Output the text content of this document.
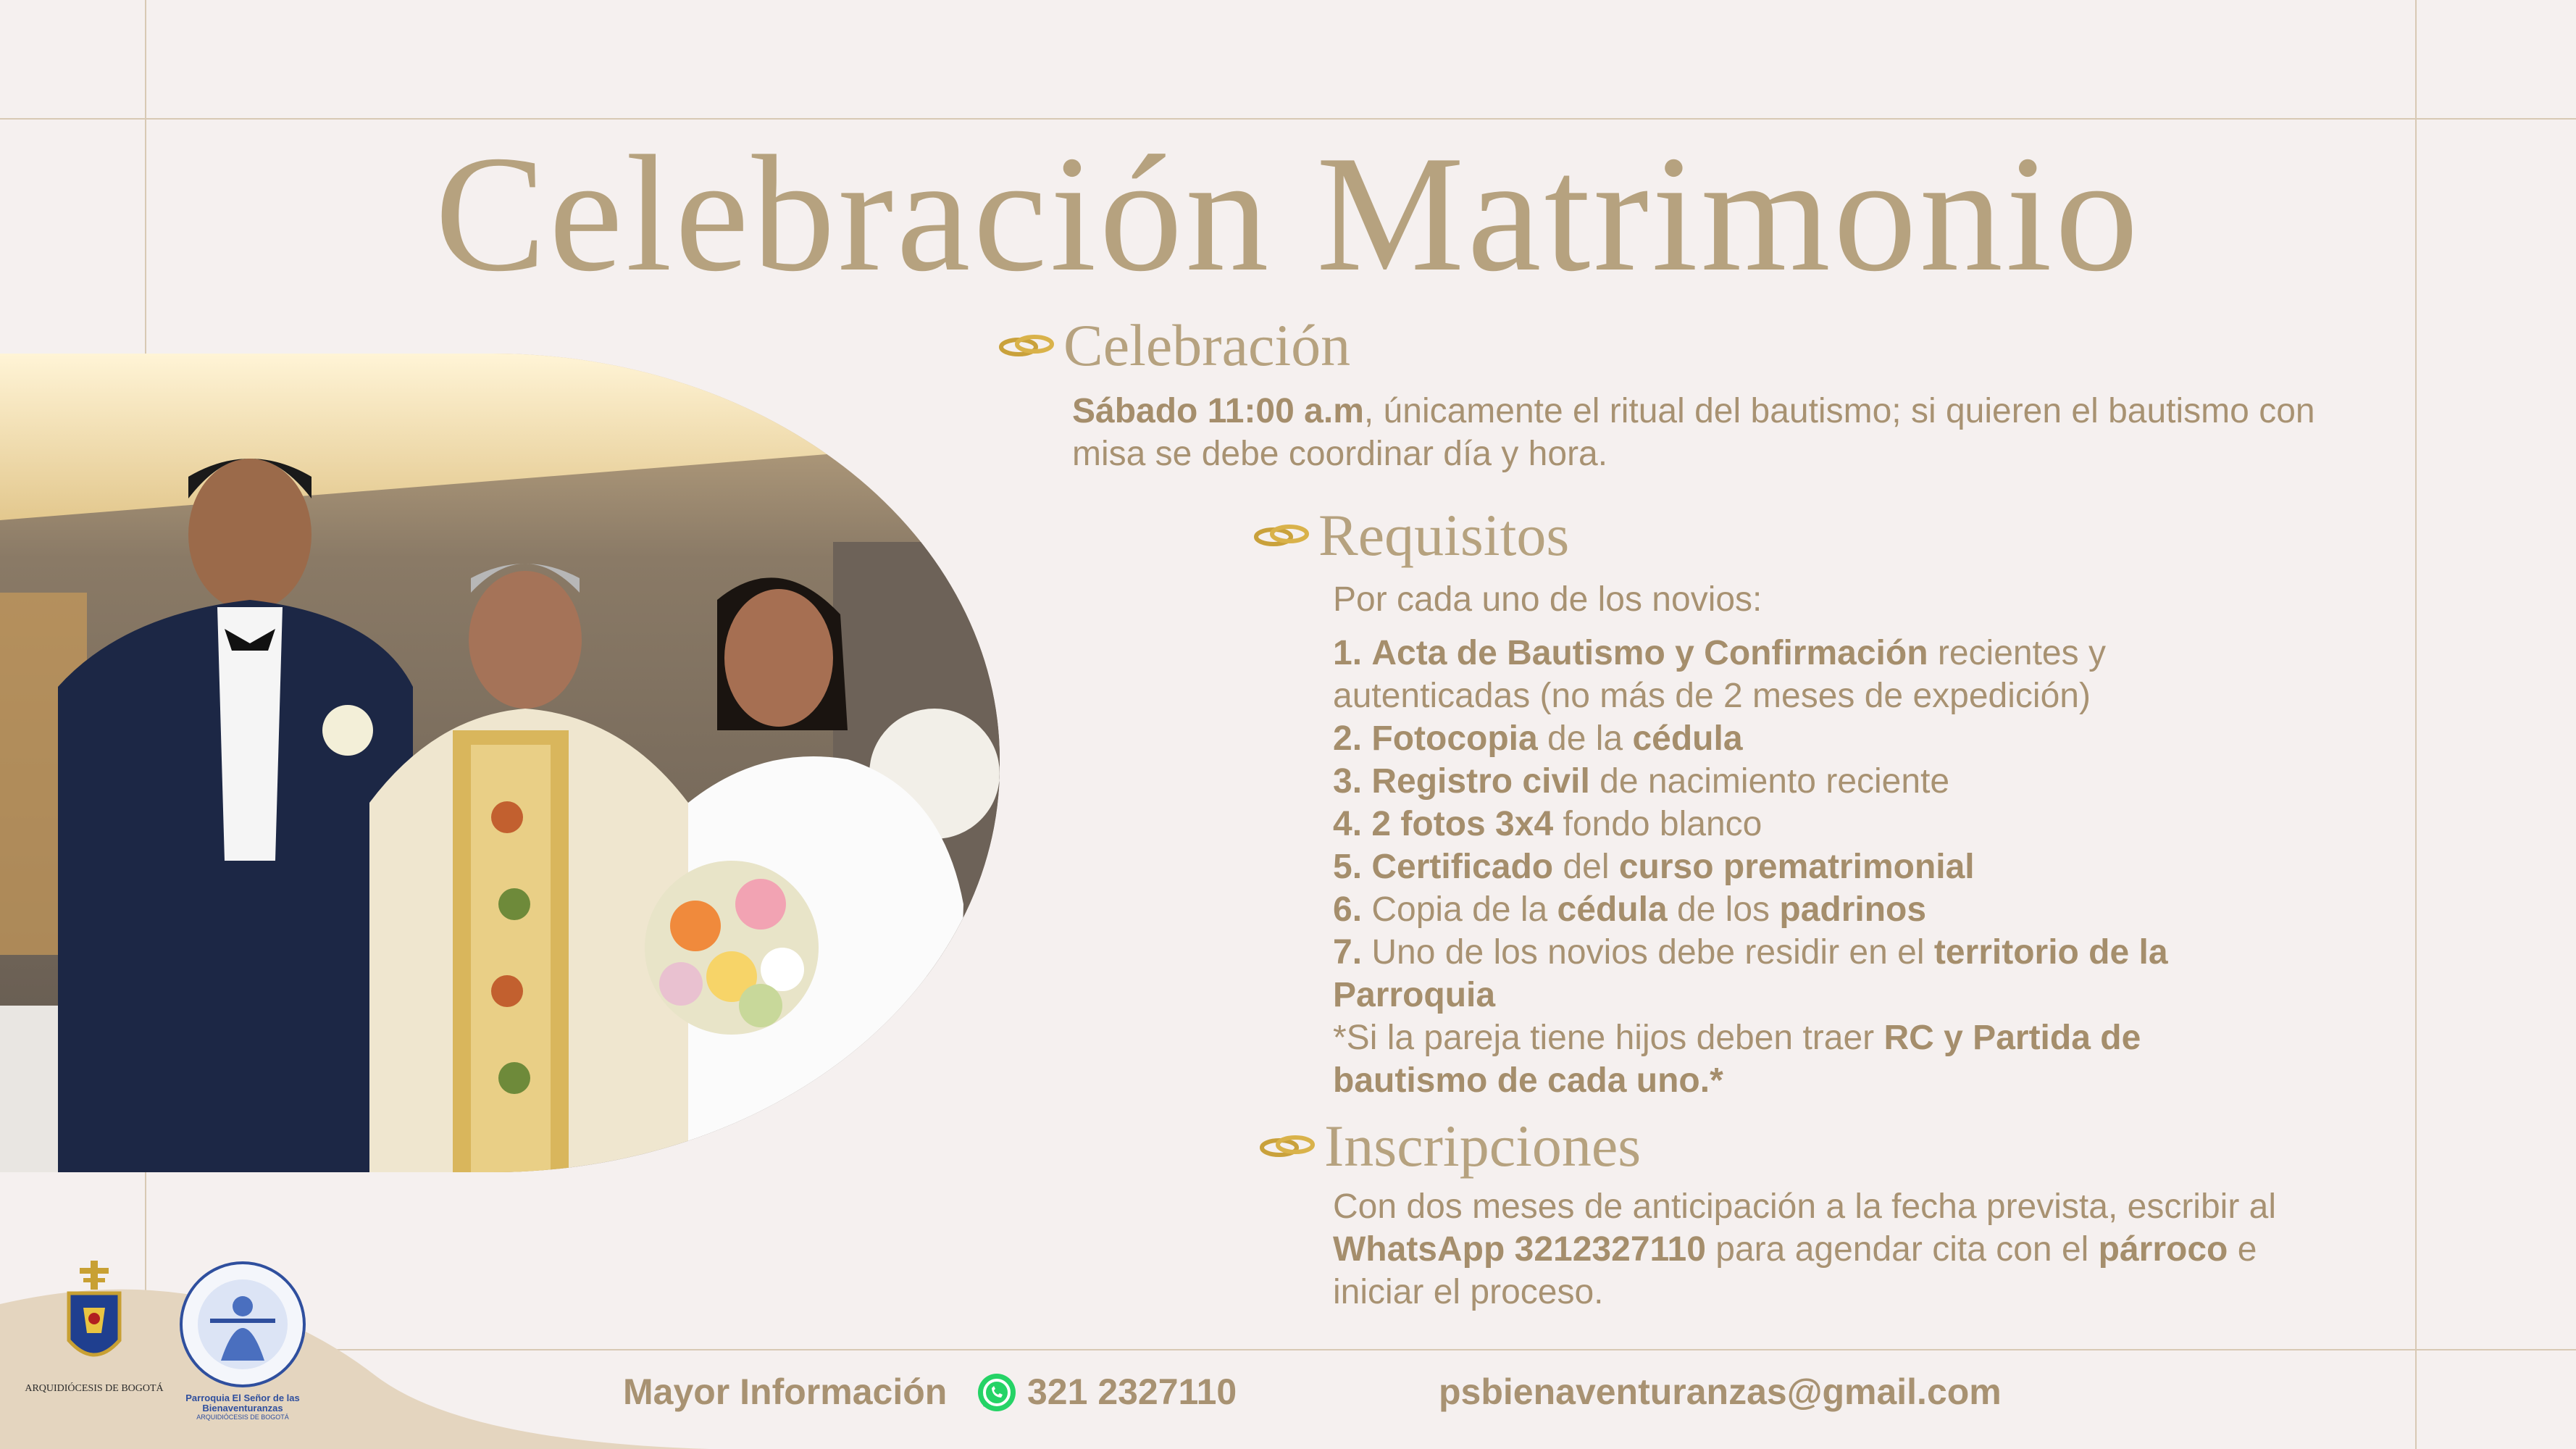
Celebración Matrimonio
Celebración
Sábado 11:00 a.m, únicamente el ritual del bautismo; si quieren el bautismo con misa se debe coordinar día y hora.
Requisitos
Por cada uno de los novios:
1. Acta de Bautismo y Confirmación recientes y autenticadas (no más de 2 meses de expedición)
2. Fotocopia de la cédula
3. Registro civil de nacimiento reciente
4. 2 fotos 3x4 fondo blanco
5. Certificado del curso prematrimonial
6. Copia de la cédula de los padrinos
7. Uno de los novios debe residir en el territorio de la Parroquia
*Si la pareja tiene hijos deben traer RC y Partida de bautismo de cada uno.*
Inscripciones
Con dos meses de anticipación a la fecha prevista, escribir al WhatsApp 3212327110 para agendar cita con el párroco e iniciar el proceso.
ARQUIDIÓCESIS DE BOGOTÁ
Parroquia El Señor de las Bienaventuranzas
ARQUIDIÓCESIS DE BOGOTÁ
Mayor Información 321 2327110	psbienaventuranzas@gmail.com
